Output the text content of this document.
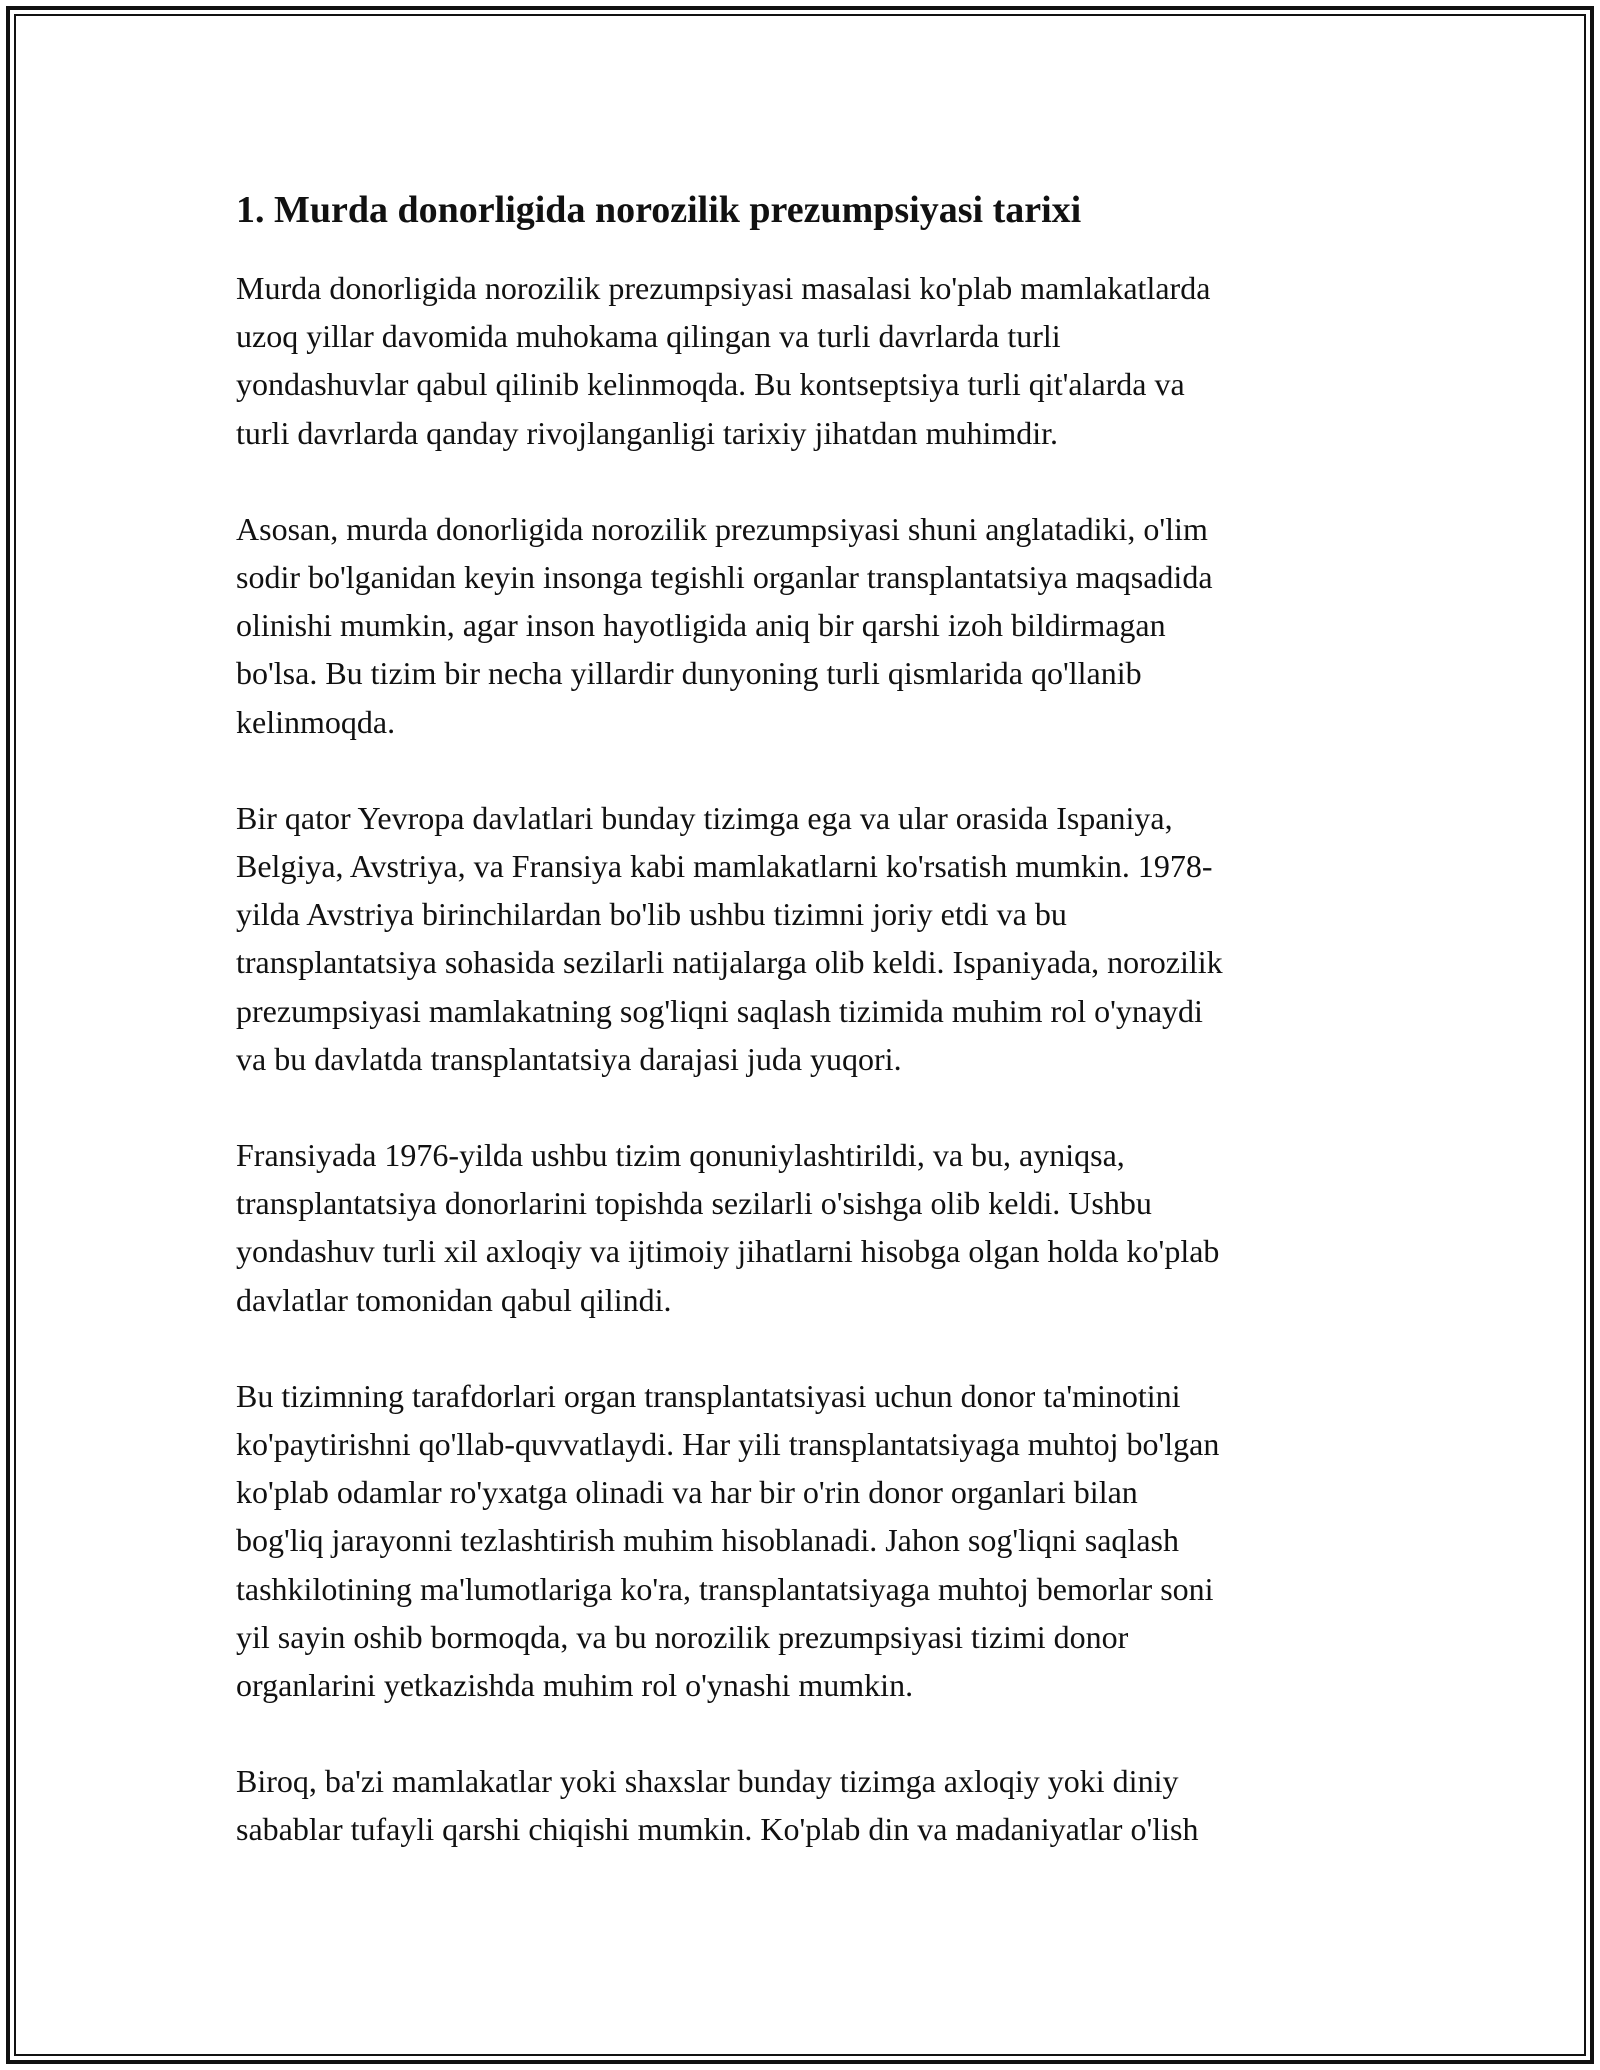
1. Murda donorligida norozilik prezumpsiyasi tarixi

Murda donorligida norozilik prezumpsiyasi masalasi ko'plab mamlakatlarda
uzoq yillar davomida muhokama qilingan va turli davrlarda turli
yondashuvlar qabul qilinib kelinmoqda. Bu kontseptsiya turli qit'alarda va
turli davrlarda qanday rivojlanganligi tarixiy jihatdan muhimdir.

Asosan, murda donorligida norozilik prezumpsiyasi shuni anglatadiki, o'lim
sodir bo'lganidan keyin insonga tegishli organlar transplantatsiya maqsadida
olinishi mumkin, agar inson hayotligida aniq bir qarshi izoh bildirmagan
bo'lsa. Bu tizim bir necha yillardir dunyoning turli qismlarida qo'llanib
kelinmoqda.

Bir qator Yevropa davlatlari bunday tizimga ega va ular orasida Ispaniya,
Belgiya, Avstriya, va Fransiya kabi mamlakatlarni ko'rsatish mumkin. 1978-
yilda Avstriya birinchilardan bo'lib ushbu tizimni joriy etdi va bu
transplantatsiya sohasida sezilarli natijalarga olib keldi. Ispaniyada, norozilik
prezumpsiyasi mamlakatning sog'liqni saqlash tizimida muhim rol o'ynaydi
va bu davlatda transplantatsiya darajasi juda yuqori.

Fransiyada 1976-yilda ushbu tizim qonuniylashtirildi, va bu, ayniqsa,
transplantatsiya donorlarini topishda sezilarli o'sishga olib keldi. Ushbu
yondashuv turli xil axloqiy va ijtimoiy jihatlarni hisobga olgan holda ko'plab
davlatlar tomonidan qabul qilindi.

Bu tizimning tarafdorlari organ transplantatsiyasi uchun donor ta'minotini
ko'paytirishni qo'llab-quvvatlaydi. Har yili transplantatsiyaga muhtoj bo'lgan
ko'plab odamlar ro'yxatga olinadi va har bir o'rin donor organlari bilan
bog'liq jarayonni tezlashtirish muhim hisoblanadi. Jahon sog'liqni saqlash
tashkilotining ma'lumotlariga ko'ra, transplantatsiyaga muhtoj bemorlar soni
yil sayin oshib bormoqda, va bu norozilik prezumpsiyasi tizimi donor
organlarini yetkazishda muhim rol o'ynashi mumkin.

Biroq, ba'zi mamlakatlar yoki shaxslar bunday tizimga axloqiy yoki diniy
sabablar tufayli qarshi chiqishi mumkin. Ko'plab din va madaniyatlar o'lish
